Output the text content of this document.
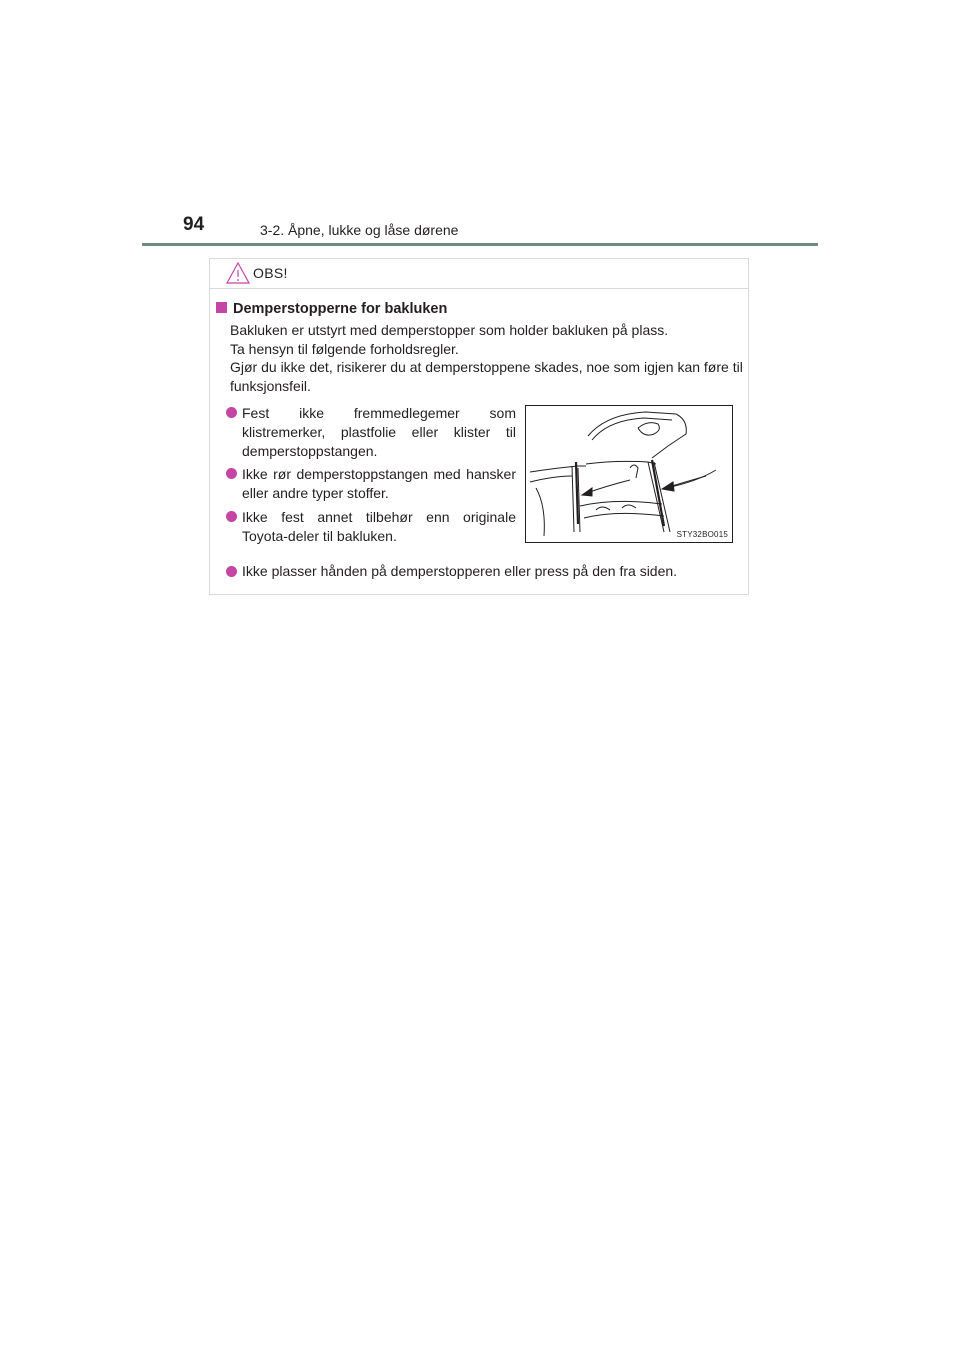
94	3-2. Åpne, lukke og låse dørene
OBS!
Demperstopperne for bakluken

Bakluken er utstyrt med demperstopper som holder bakluken på plass.

Ta hensyn til følgende forholdsregler.

Gjør du ikke det, risikerer du at demperstoppene skades, noe som igjen kan føre til funksjonsfeil.

Fest ikke fremmedlegemer som klistremerker, plastfolie eller klister til demperstoppstangen.
Ikke rør demperstoppstangen med hansker eller andre typer stoffer.
Ikke fest annet tilbehør enn originale Toyota-deler til bakluken.	STY32BO015
Ikke plasser hånden på demperstopperen eller press på den fra siden.
